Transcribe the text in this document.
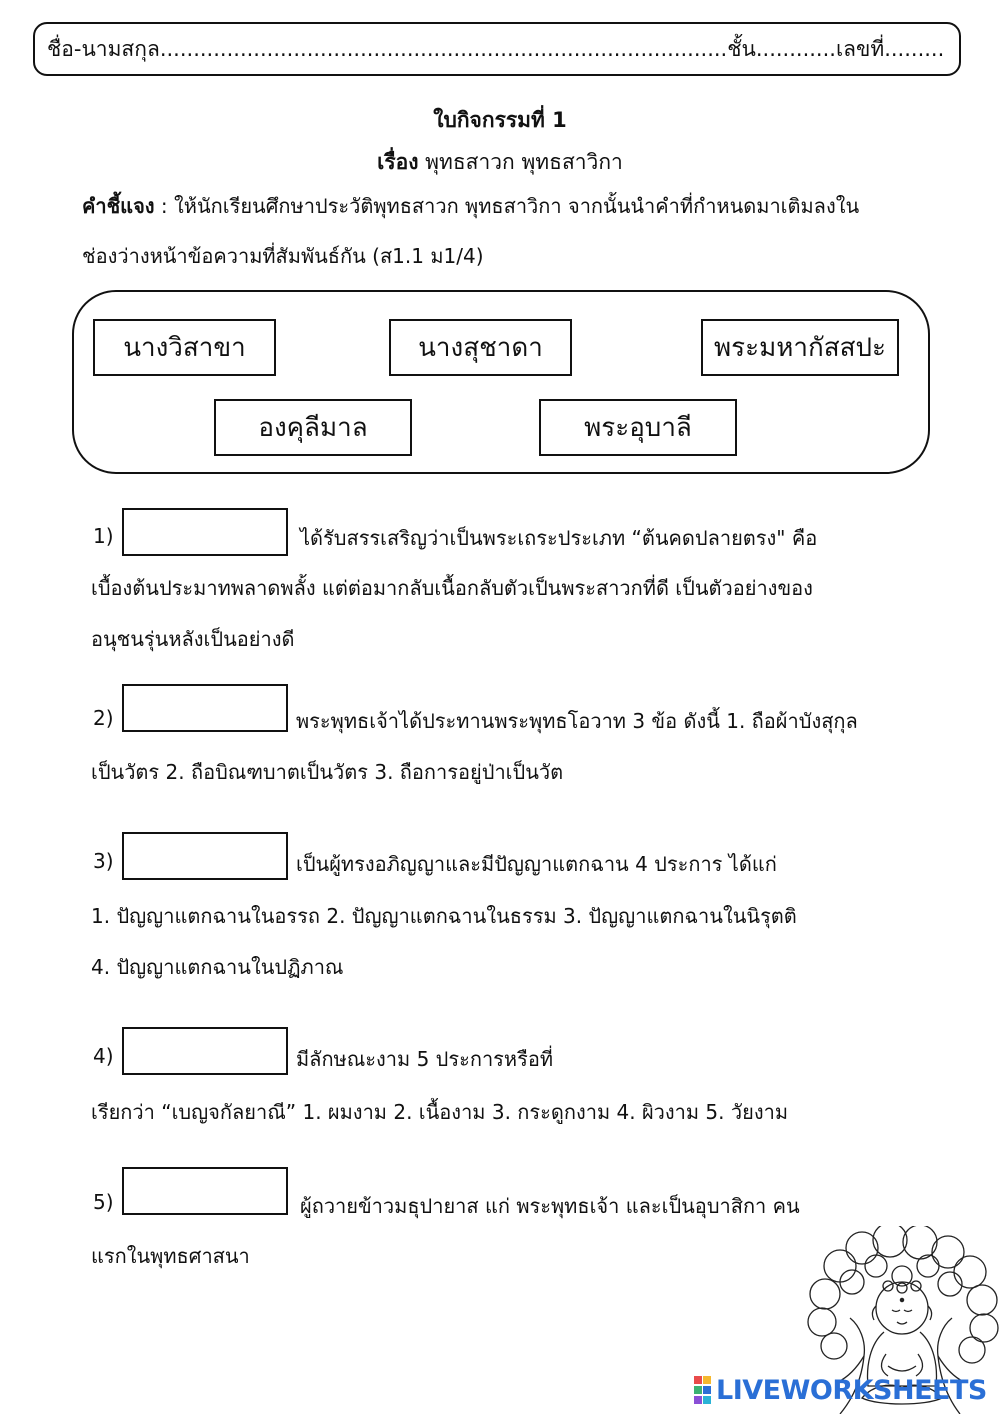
ชื่อ-นามสกุล.....................................................................................ชั้น............เลขที่.........
ใบกิจกรรมที่ 1
เรื่อง พุทธสาวก พุทธสาวิกา
คำชี้แจง : ให้นักเรียนศึกษาประวัติพุทธสาวก พุทธสาวิกา จากนั้นนำคำที่กำหนดมาเติมลงใน
ช่องว่างหน้าข้อความที่สัมพันธ์กัน (ส1.1 ม1/4)
นางวิสาขา	นางสุชาดา	พระมหากัสสปะ
องคุลีมาล	พระอุบาลี
1)	ได้รับสรรเสริญว่าเป็นพระเถระประเภท “ต้นคดปลายตรง" คือ
เบื้องต้นประมาทพลาดพลั้ง แต่ต่อมากลับเนื้อกลับตัวเป็นพระสาวกที่ดี เป็นตัวอย่างของ
อนุชนรุ่นหลังเป็นอย่างดี
2)	พระพุทธเจ้าได้ประทานพระพุทธโอวาท 3 ข้อ ดังนี้ 1. ถือผ้าบังสุกุล
เป็นวัตร 2. ถือบิณฑบาตเป็นวัตร 3. ถือการอยู่ป่าเป็นวัต
3)	เป็นผู้ทรงอภิญญาและมีปัญญาแตกฉาน 4 ประการ ได้แก่
1. ปัญญาแตกฉานในอรรถ 2. ปัญญาแตกฉานในธรรม 3. ปัญญาแตกฉานในนิรุตติ
4. ปัญญาแตกฉานในปฏิภาณ
4)	มีลักษณะงาม 5 ประการหรือที่
เรียกว่า “เบญจกัลยาณี” 1. ผมงาม 2. เนื้องาม 3. กระดูกงาม 4. ผิวงาม 5. วัยงาม
5)	ผู้ถวายข้าวมธุปายาส แก่ พระพุทธเจ้า และเป็นอุบาสิกา คน
แรกในพุทธศาสนา
LIVEWORKSHEETS
